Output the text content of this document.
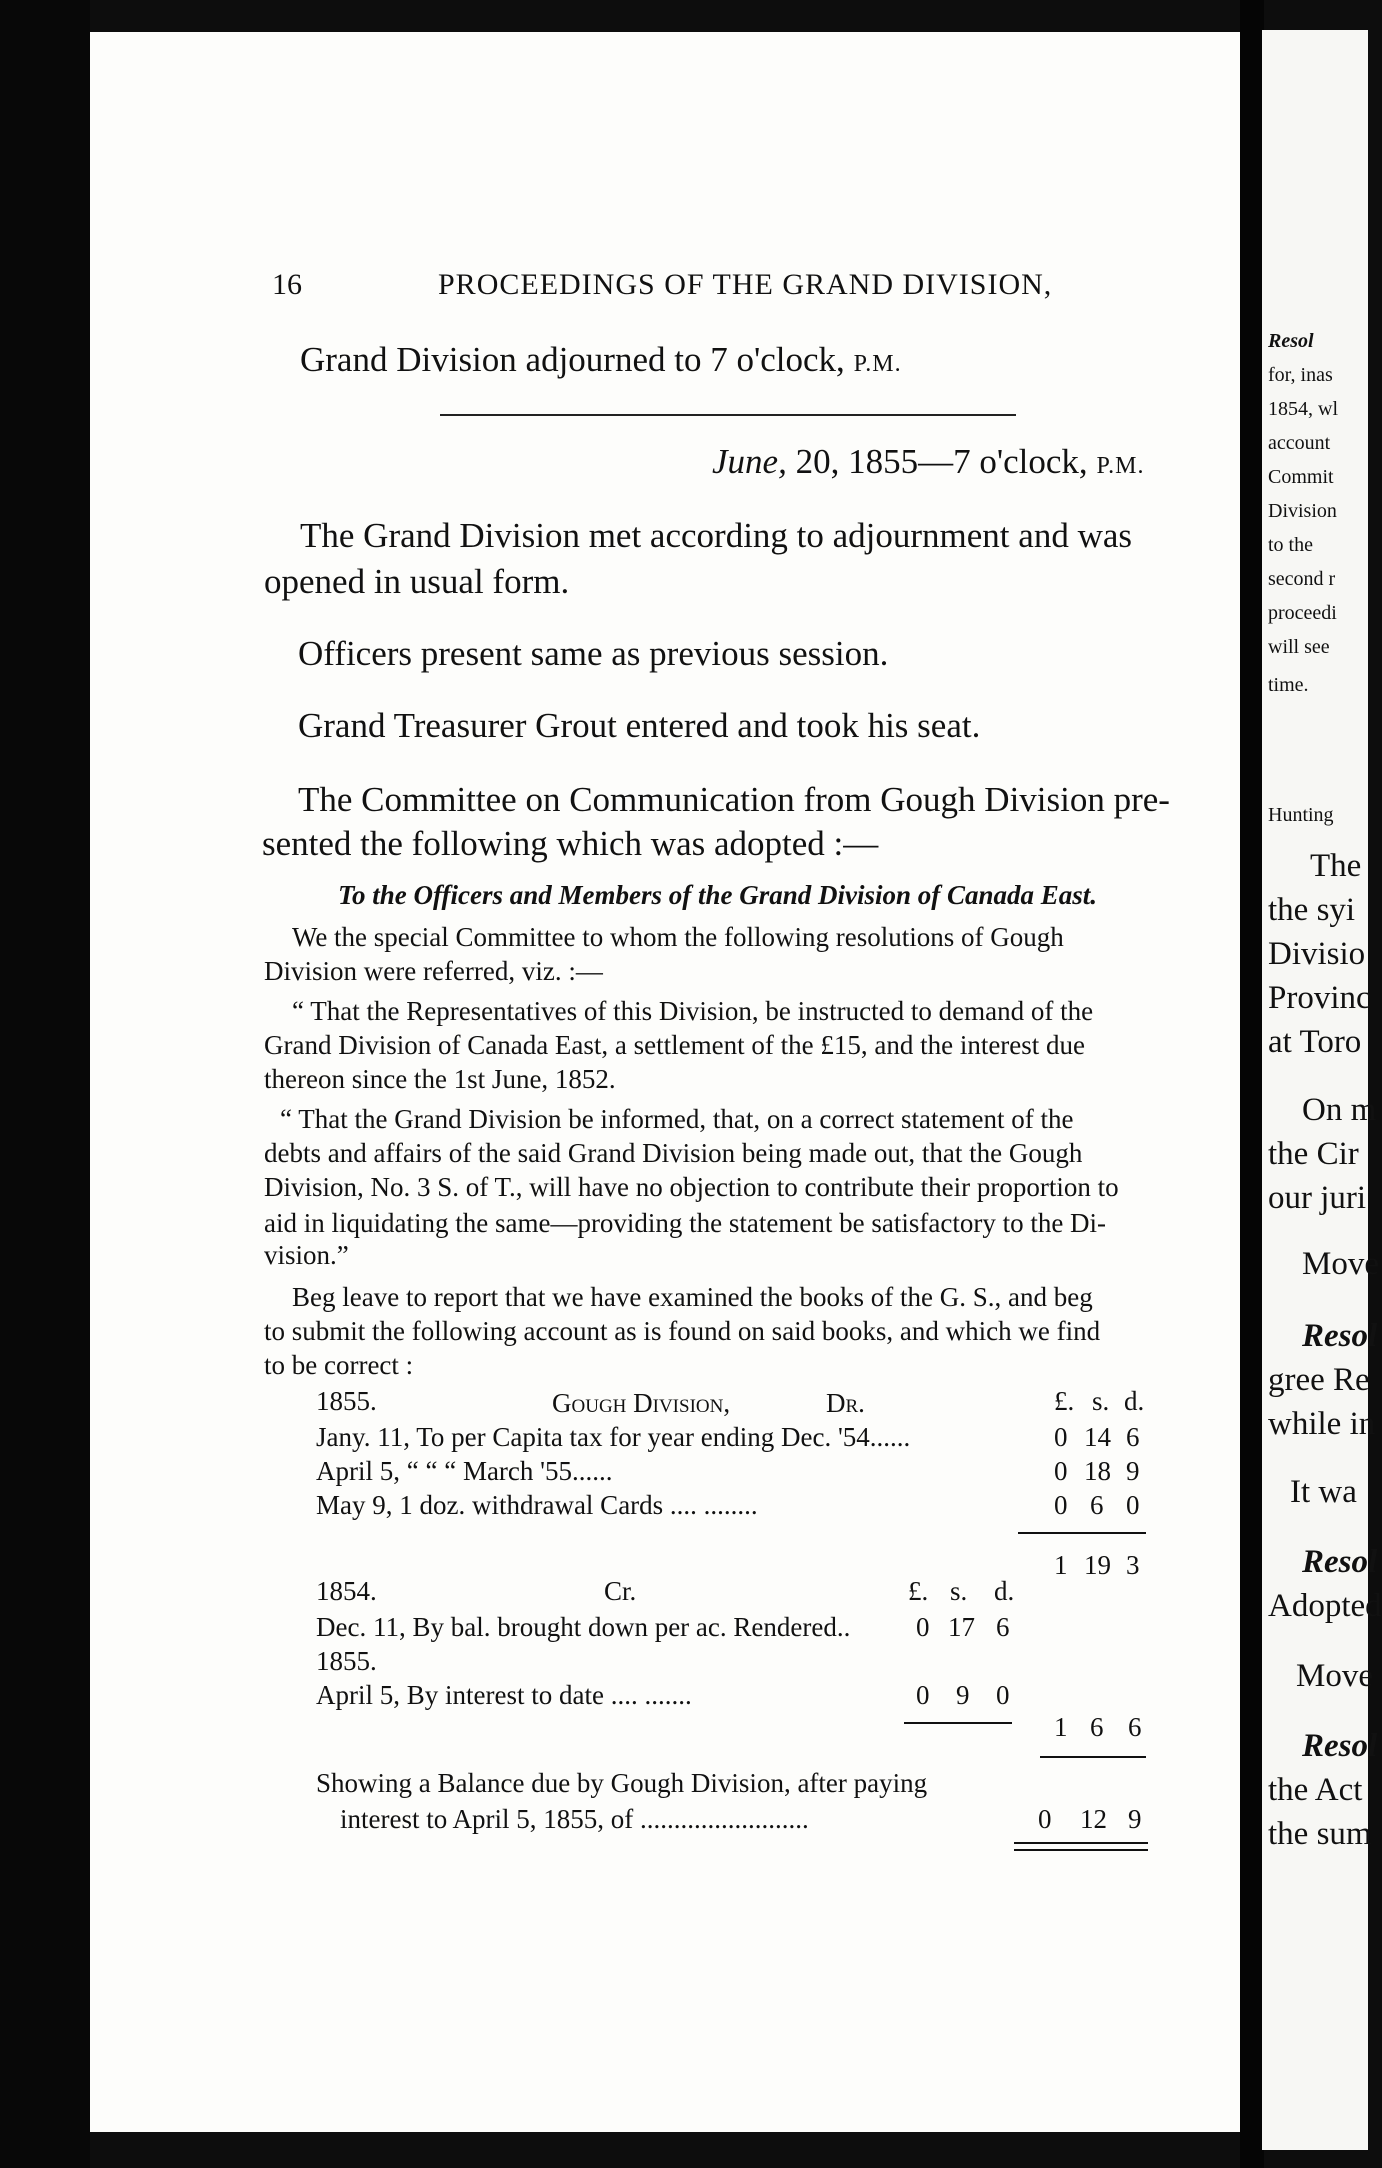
16	PROCEEDINGS OF THE GRAND DIVISION,
Grand Division adjourned to 7 o'clock, P.M.
June, 20, 1855—7 o'clock, P.M.
The Grand Division met according to adjournment and was
opened in usual form.
Officers present same as previous session.
Grand Treasurer Grout entered and took his seat.
The Committee on Communication from Gough Division pre-
sented the following which was adopted :—
To the Officers and Members of the Grand Division of Canada East.
We the special Committee to whom the following resolutions of Gough
Division were referred, viz. :—
“ That the Representatives of this Division, be instructed to demand of the
Grand Division of Canada East, a settlement of the £15, and the interest due
thereon since the 1st June, 1852.
“ That the Grand Division be informed, that, on a correct statement of the
debts and affairs of the said Grand Division being made out, that the Gough
Division, No. 3 S. of T., will have no objection to contribute their proportion to
aid in liquidating the same—providing the statement be satisfactory to the Di-
vision.”
Beg leave to report that we have examined the books of the G. S., and beg
to submit the following account as is found on said books, and which we find
to be correct :
1855.	Gough Division,	Dr.	£. s. d.
Jany. 11, To per Capita tax for year ending Dec. '54......	0 14 6
April 5, “ “ “ March '55......	0 18 9
May 9, 1 doz. withdrawal Cards .... ........	0 6 0
1 19 3
1854.	Cr.	£. s. d.
Dec. 11, By bal. brought down per ac. Rendered.. 0 17 6
1855.
April 5, By interest to date .... .......	0 9 0
1 6 6
Showing a Balance due by Gough Division, after paying
interest to April 5, 1855, of .........................	0 12 9
Resol
for, inas
1854, wl
account
Commit
Division
to the
second r
proceedi
will see
time.
Hunting
The
the syi
Divisio
Provinc
at Toro
On m
the Cir
our juri
Move
Resol
gree Re
while in
It wa
Resol
Adopted
Move
Resol
the Act
the sum
